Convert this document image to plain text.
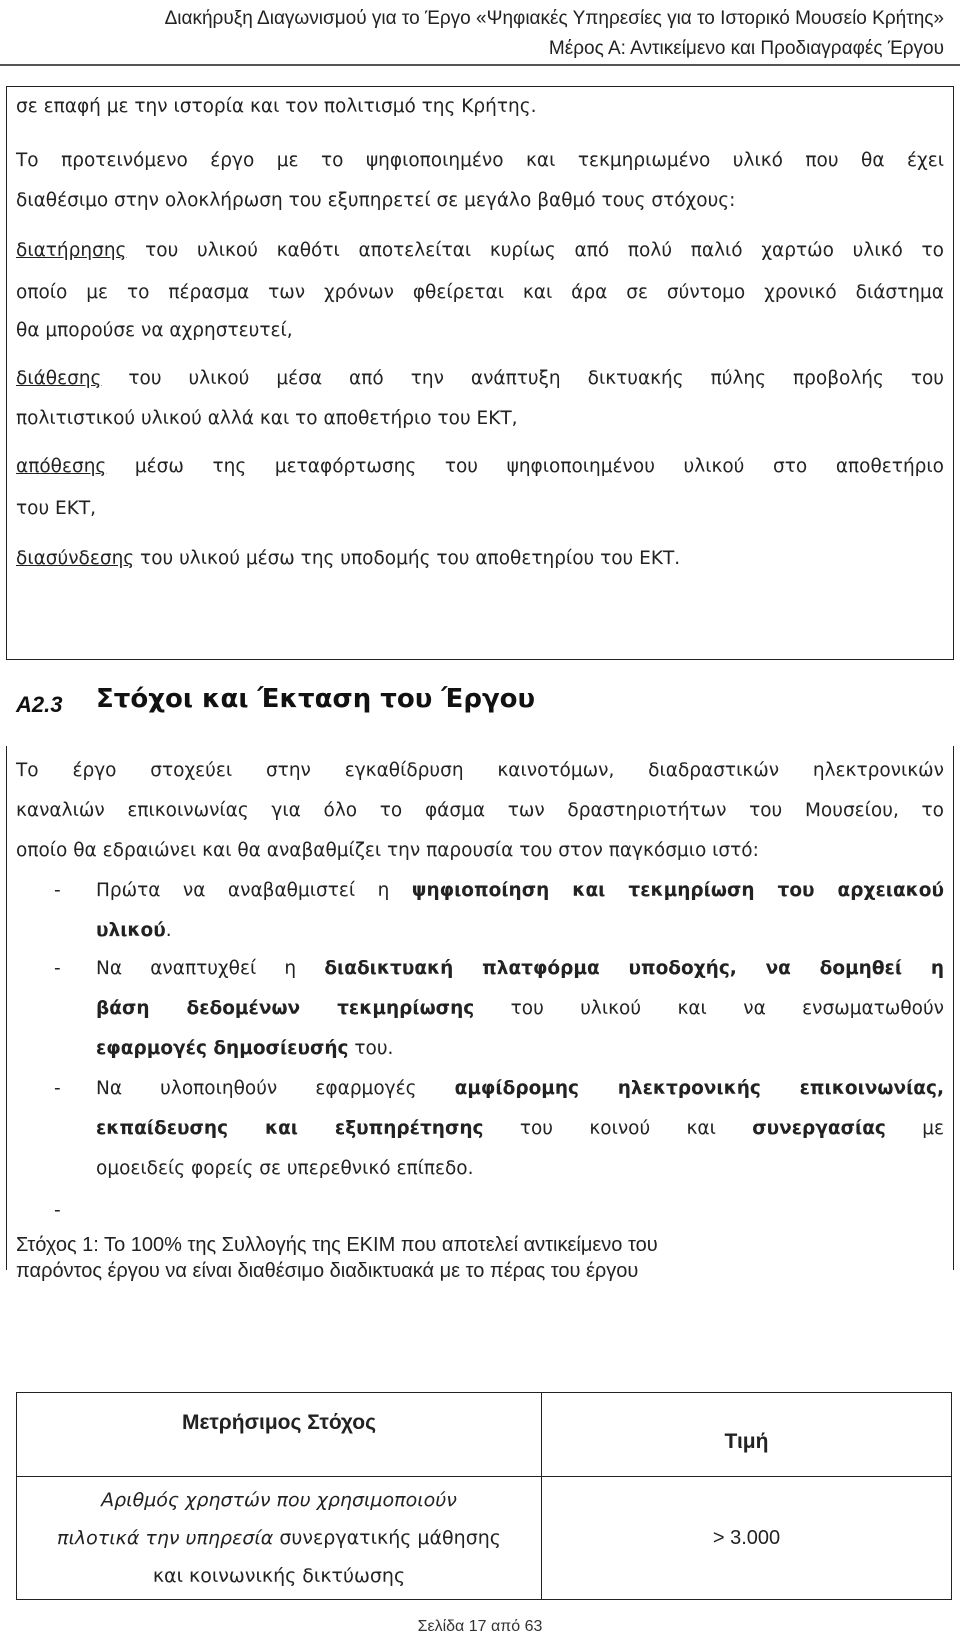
Διακήρυξη Διαγωνισμού για το Έργο «Ψηφιακές Υπηρεσίες για το Ιστορικό Μουσείο Κρήτης»
Μέρος Α: Αντικείμενο και Προδιαγραφές Έργου
σε επαφή με την ιστορία και τον πολιτισμό της Κρήτης.
Το προτεινόμενο έργο με το ψηφιοποιημένο και τεκμηριωμένο υλικό που θα έχει
διαθέσιμο στην ολοκλήρωση του εξυπηρετεί σε μεγάλο βαθμό τους στόχους:
διατήρησης του υλικού καθότι αποτελείται κυρίως από πολύ παλιό χαρτώο υλικό το
οποίο με το πέρασμα των χρόνων φθείρεται και άρα σε σύντομο χρονικό διάστημα
θα μπορούσε να αχρηστευτεί,
διάθεσης του υλικού μέσα από την ανάπτυξη δικτυακής πύλης προβολής του
πολιτιστικού υλικού αλλά και το αποθετήριο του ΕΚΤ,
απόθεσης μέσω της μεταφόρτωσης του ψηφιοποιημένου υλικού στο αποθετήριο
του ΕΚΤ,
διασύνδεσης του υλικού μέσω της υποδομής του αποθετηρίου του ΕΚΤ.
Α2.3 Στόχοι και Έκταση του Έργου
Το έργο στοχεύει στην εγκαθίδρυση καινοτόμων, διαδραστικών ηλεκτρονικών
καναλιών επικοινωνίας για όλο το φάσμα των δραστηριοτήτων του Μουσείου, το
οποίο θα εδραιώνει και θα αναβαθμίζει την παρουσία του στον παγκόσμιο ιστό:
- Πρώτα να αναβαθμιστεί η ψηφιοποίηση και τεκμηρίωση του αρχειακού
υλικού.
- Να αναπτυχθεί η διαδικτυακή πλατφόρμα υποδοχής, να δομηθεί η
βάση δεδομένων τεκμηρίωσης του υλικού και να ενσωματωθούν
εφαρμογές δημοσίευσής του.
- Να υλοποιηθούν εφαρμογές αμφίδρομης ηλεκτρονικής επικοινωνίας,
εκπαίδευσης και εξυπηρέτησης του κοινού και συνεργασίας με
ομοειδείς φορείς σε υπερεθνικό επίπεδο.
-
Στόχος 1: Το 100% της Συλλογής της ΕΚΙΜ που αποτελεί αντικείμενο του
παρόντος έργου να είναι διαθέσιμο διαδικτυακά με το πέρας του έργου
Μετρήσιμος Στόχος	Τιμή

Αριθμός χρηστών που χρησιμοποιούν
πιλοτικά την υπηρεσία συνεργατικής μάθησης
και κοινωνικής δικτύωσης	> 3.000
Σελίδα 17 από 63
